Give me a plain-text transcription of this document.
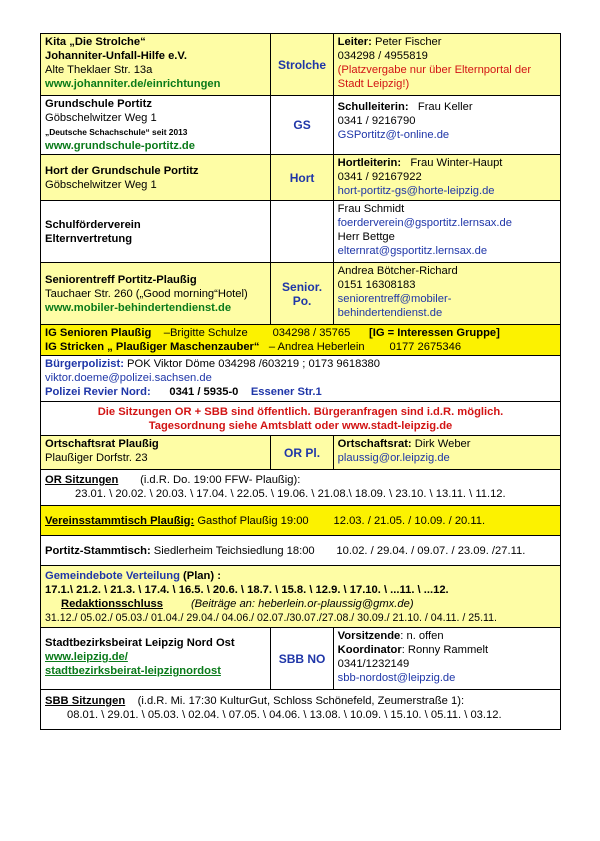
Kita „Die Strolche“
Johanniter-Unfall-Hilfe e.V.
Alte Theklaer Str. 13a
www.johanniter.de/einrichtungen	Strolche	Leiter: Peter Fischer
034298 / 4955819
(Platzvergabe nur über Elternportal der Stadt Leipzig!)

Grundschule Portitz
Göbschelwitzer Weg 1
„Deutsche Schachschule“ seit 2013
www.grundschule-portitz.de	GS	Schulleiterin: Frau Keller
0341 / 9216790
GSPortitz@t-online.de

Hort der Grundschule Portitz
Göbschelwitzer Weg 1	Hort	Hortleiterin: Frau Winter-Haupt
0341 / 92167922
hort-portitz-gs@horte-leipzig.de

Schulförderverein
Elternvertretung		Frau Schmidt
foerderverein@gsportitz.lernsax.de
Herr Bettge
elternrat@gsportitz.lernsax.de

Seniorentreff Portitz-Plaußig
Tauchaer Str. 260 („Good morning“Hotel)
www.mobiler-behindertendienst.de	Senior.
Po.	Andrea Bötcher-Richard
0151 16308183
seniorentreff@mobiler-
behindertendienst.de

IG Senioren Plaußig –Brigitte Schulze 034298 / 35765 [IG = Interessen Gruppe]
IG Stricken „ Plaußiger Maschenzauber“ – Andrea Heberlein 0177 2675346		

Bürgerpolizist: POK Viktor Döme 034298 /603219 ; 0173 9618380
viktor.doeme@polizei.sachsen.de
Polizei Revier Nord: 0341 / 5935-0 Essener Str.1		

Die Sitzungen OR + SBB sind öffentlich. Bürgeranfragen sind i.d.R. möglich.
Tagesordnung siehe Amtsblatt oder www.stadt-leipzig.de		

Ortschaftsrat Plaußig
Plaußiger Dorfstr. 23	OR Pl.	Ortschaftsrat: Dirk Weber
plaussig@or.leipzig.de

OR Sitzungen (i.d.R. Do. 19:00 FFW- Plaußig):
23.01. \ 20.02. \ 20.03. \ 17.04. \ 22.05. \ 19.06. \ 21.08.\ 18.09. \ 23.10. \ 13.11. \ 11.12.		

Vereinsstammtisch Plaußig: Gasthof Plaußig 19:00 12.03. / 21.05. / 10.09. / 20.11.		

Portitz-Stammtisch: Siedlerheim Teichsiedlung 18:00 10.02. / 29.04. / 09.07. / 23.09. /27.11.		

Gemeindebote Verteilung (Plan) :
17.1.\ 21.2. \ 21.3. \ 17.4. \ 16.5. \ 20.6. \ 18.7. \ 15.8. \ 12.9. \ 17.10. \ ...11. \ ...12.
Redaktionsschluss (Beiträge an: heberlein.or-plaussig@gmx.de)
31.12./ 05.02./ 05.03./ 01.04./ 29.04./ 04.06./ 02.07./30.07./27.08./ 30.09./ 21.10. / 04.11. / 25.11.		

Stadtbezirksbeirat Leipzig Nord Ost
www.leipzig.de/
stadtbezirksbeirat-leipzignordost	SBB NO	Vorsitzende: n. offen
Koordinator: Ronny Rammelt
0341/1232149
sbb-nordost@leipzig.de

SBB Sitzungen (i.d.R. Mi. 17:30 KulturGut, Schloss Schönefeld, Zeumerstraße 1):
08.01. \ 29.01. \ 05.03. \ 02.04. \ 07.05. \ 04.06. \ 13.08. \ 10.09. \ 15.10. \ 05.11. \ 03.12.		
